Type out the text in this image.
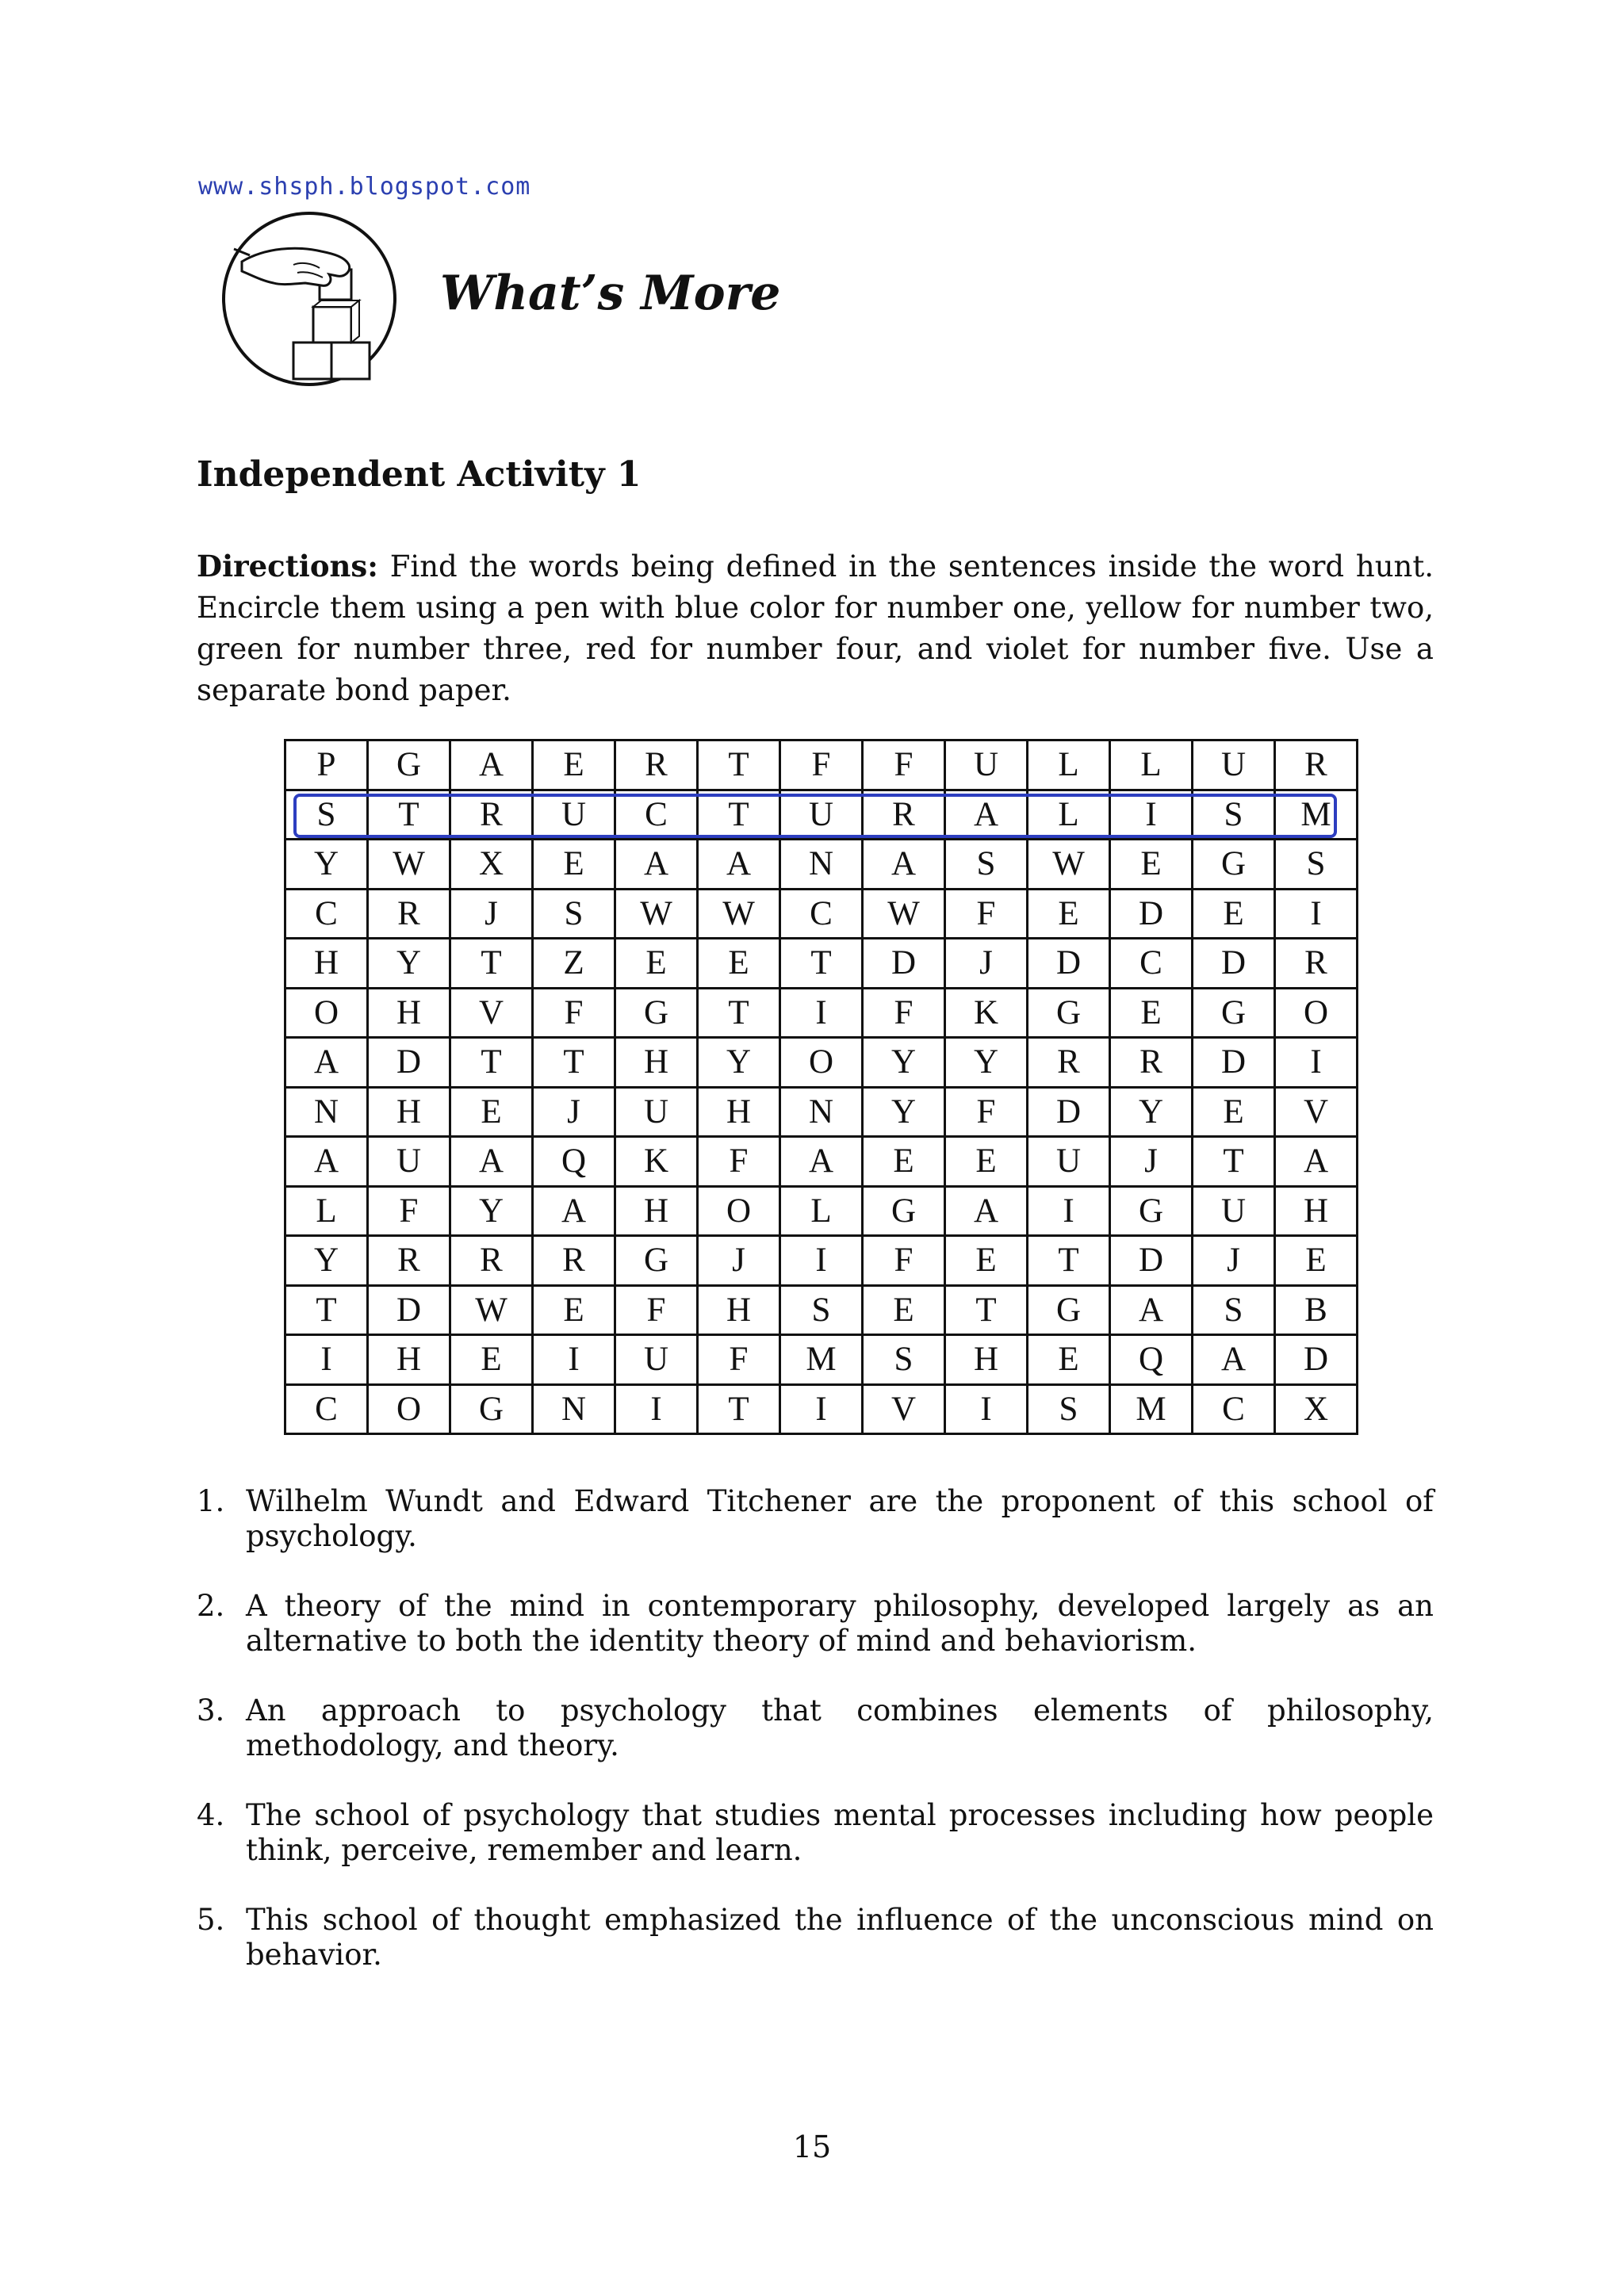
www.shsph.blogspot.com
What’s More
Independent Activity 1
Directions: Find the words being defined in the sentences inside the word hunt. Encircle them using a pen with blue color for number one, yellow for number two, green for number three, red for number four, and violet for number five. Use a separate bond paper.
P	G	A	E	R	T	F	F	U	L	L	U	R
S	T	R	U	C	T	U	R	A	L	I	S	M
Y	W	X	E	A	A	N	A	S	W	E	G	S
C	R	J	S	W	W	C	W	F	E	D	E	I
H	Y	T	Z	E	E	T	D	J	D	C	D	R
O	H	V	F	G	T	I	F	K	G	E	G	O
A	D	T	T	H	Y	O	Y	Y	R	R	D	I
N	H	E	J	U	H	N	Y	F	D	Y	E	V
A	U	A	Q	K	F	A	E	E	U	J	T	A
L	F	Y	A	H	O	L	G	A	I	G	U	H
Y	R	R	R	G	J	I	F	E	T	D	J	E
T	D	W	E	F	H	S	E	T	G	A	S	B
I	H	E	I	U	F	M	S	H	E	Q	A	D
C	O	G	N	I	T	I	V	I	S	M	C	X
1. Wilhelm Wundt and Edward Titchener are the proponent of this school of psychology.
2. A theory of the mind in contemporary philosophy, developed largely as an alternative to both the identity theory of mind and behaviorism.
3. An approach to psychology that combines elements of philosophy, methodology, and theory.
4. The school of psychology that studies mental processes including how people think, perceive, remember and learn.
5. This school of thought emphasized the influence of the unconscious mind on behavior.
15
